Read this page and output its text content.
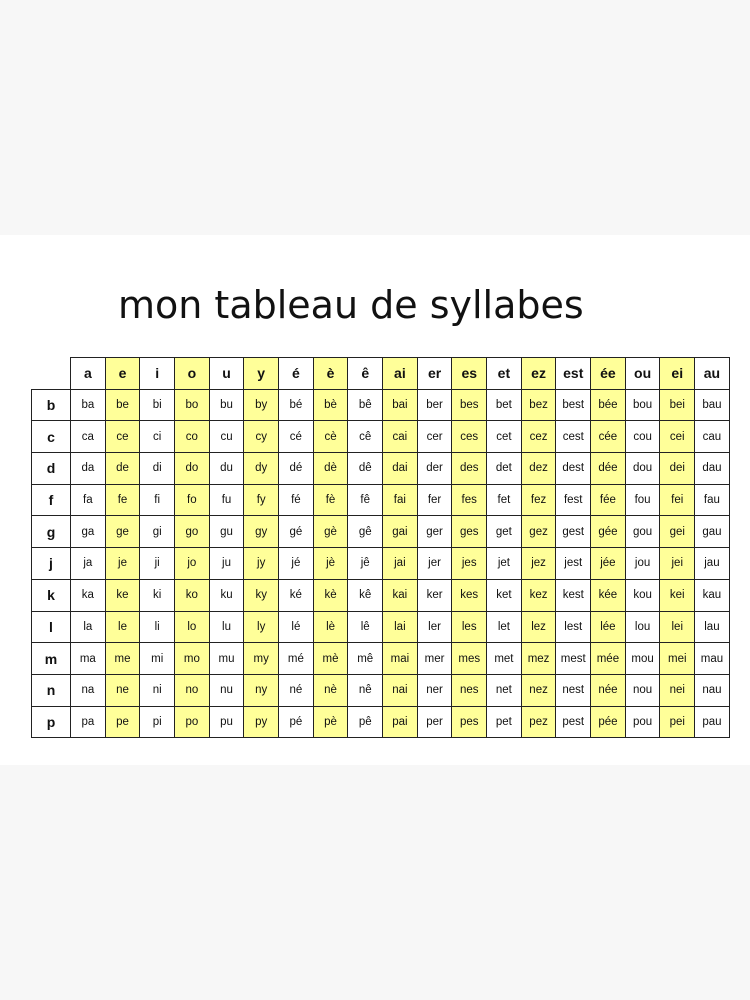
mon tableau de syllabes
	a	e	i	o	u	y	é	è	ê	ai	er	es	et	ez	est	ée	ou	ei	au
b	ba	be	bi	bo	bu	by	bé	bè	bê	bai	ber	bes	bet	bez	best	bée	bou	bei	bau
c	ca	ce	ci	co	cu	cy	cé	cè	cê	cai	cer	ces	cet	cez	cest	cée	cou	cei	cau
d	da	de	di	do	du	dy	dé	dè	dê	dai	der	des	det	dez	dest	dée	dou	dei	dau
f	fa	fe	fi	fo	fu	fy	fé	fè	fê	fai	fer	fes	fet	fez	fest	fée	fou	fei	fau
g	ga	ge	gi	go	gu	gy	gé	gè	gê	gai	ger	ges	get	gez	gest	gée	gou	gei	gau
j	ja	je	ji	jo	ju	jy	jé	jè	jê	jai	jer	jes	jet	jez	jest	jée	jou	jei	jau
k	ka	ke	ki	ko	ku	ky	ké	kè	kê	kai	ker	kes	ket	kez	kest	kée	kou	kei	kau
l	la	le	li	lo	lu	ly	lé	lè	lê	lai	ler	les	let	lez	lest	lée	lou	lei	lau
m	ma	me	mi	mo	mu	my	mé	mè	mê	mai	mer	mes	met	mez	mest	mée	mou	mei	mau
n	na	ne	ni	no	nu	ny	né	nè	nê	nai	ner	nes	net	nez	nest	née	nou	nei	nau
p	pa	pe	pi	po	pu	py	pé	pè	pê	pai	per	pes	pet	pez	pest	pée	pou	pei	pau
